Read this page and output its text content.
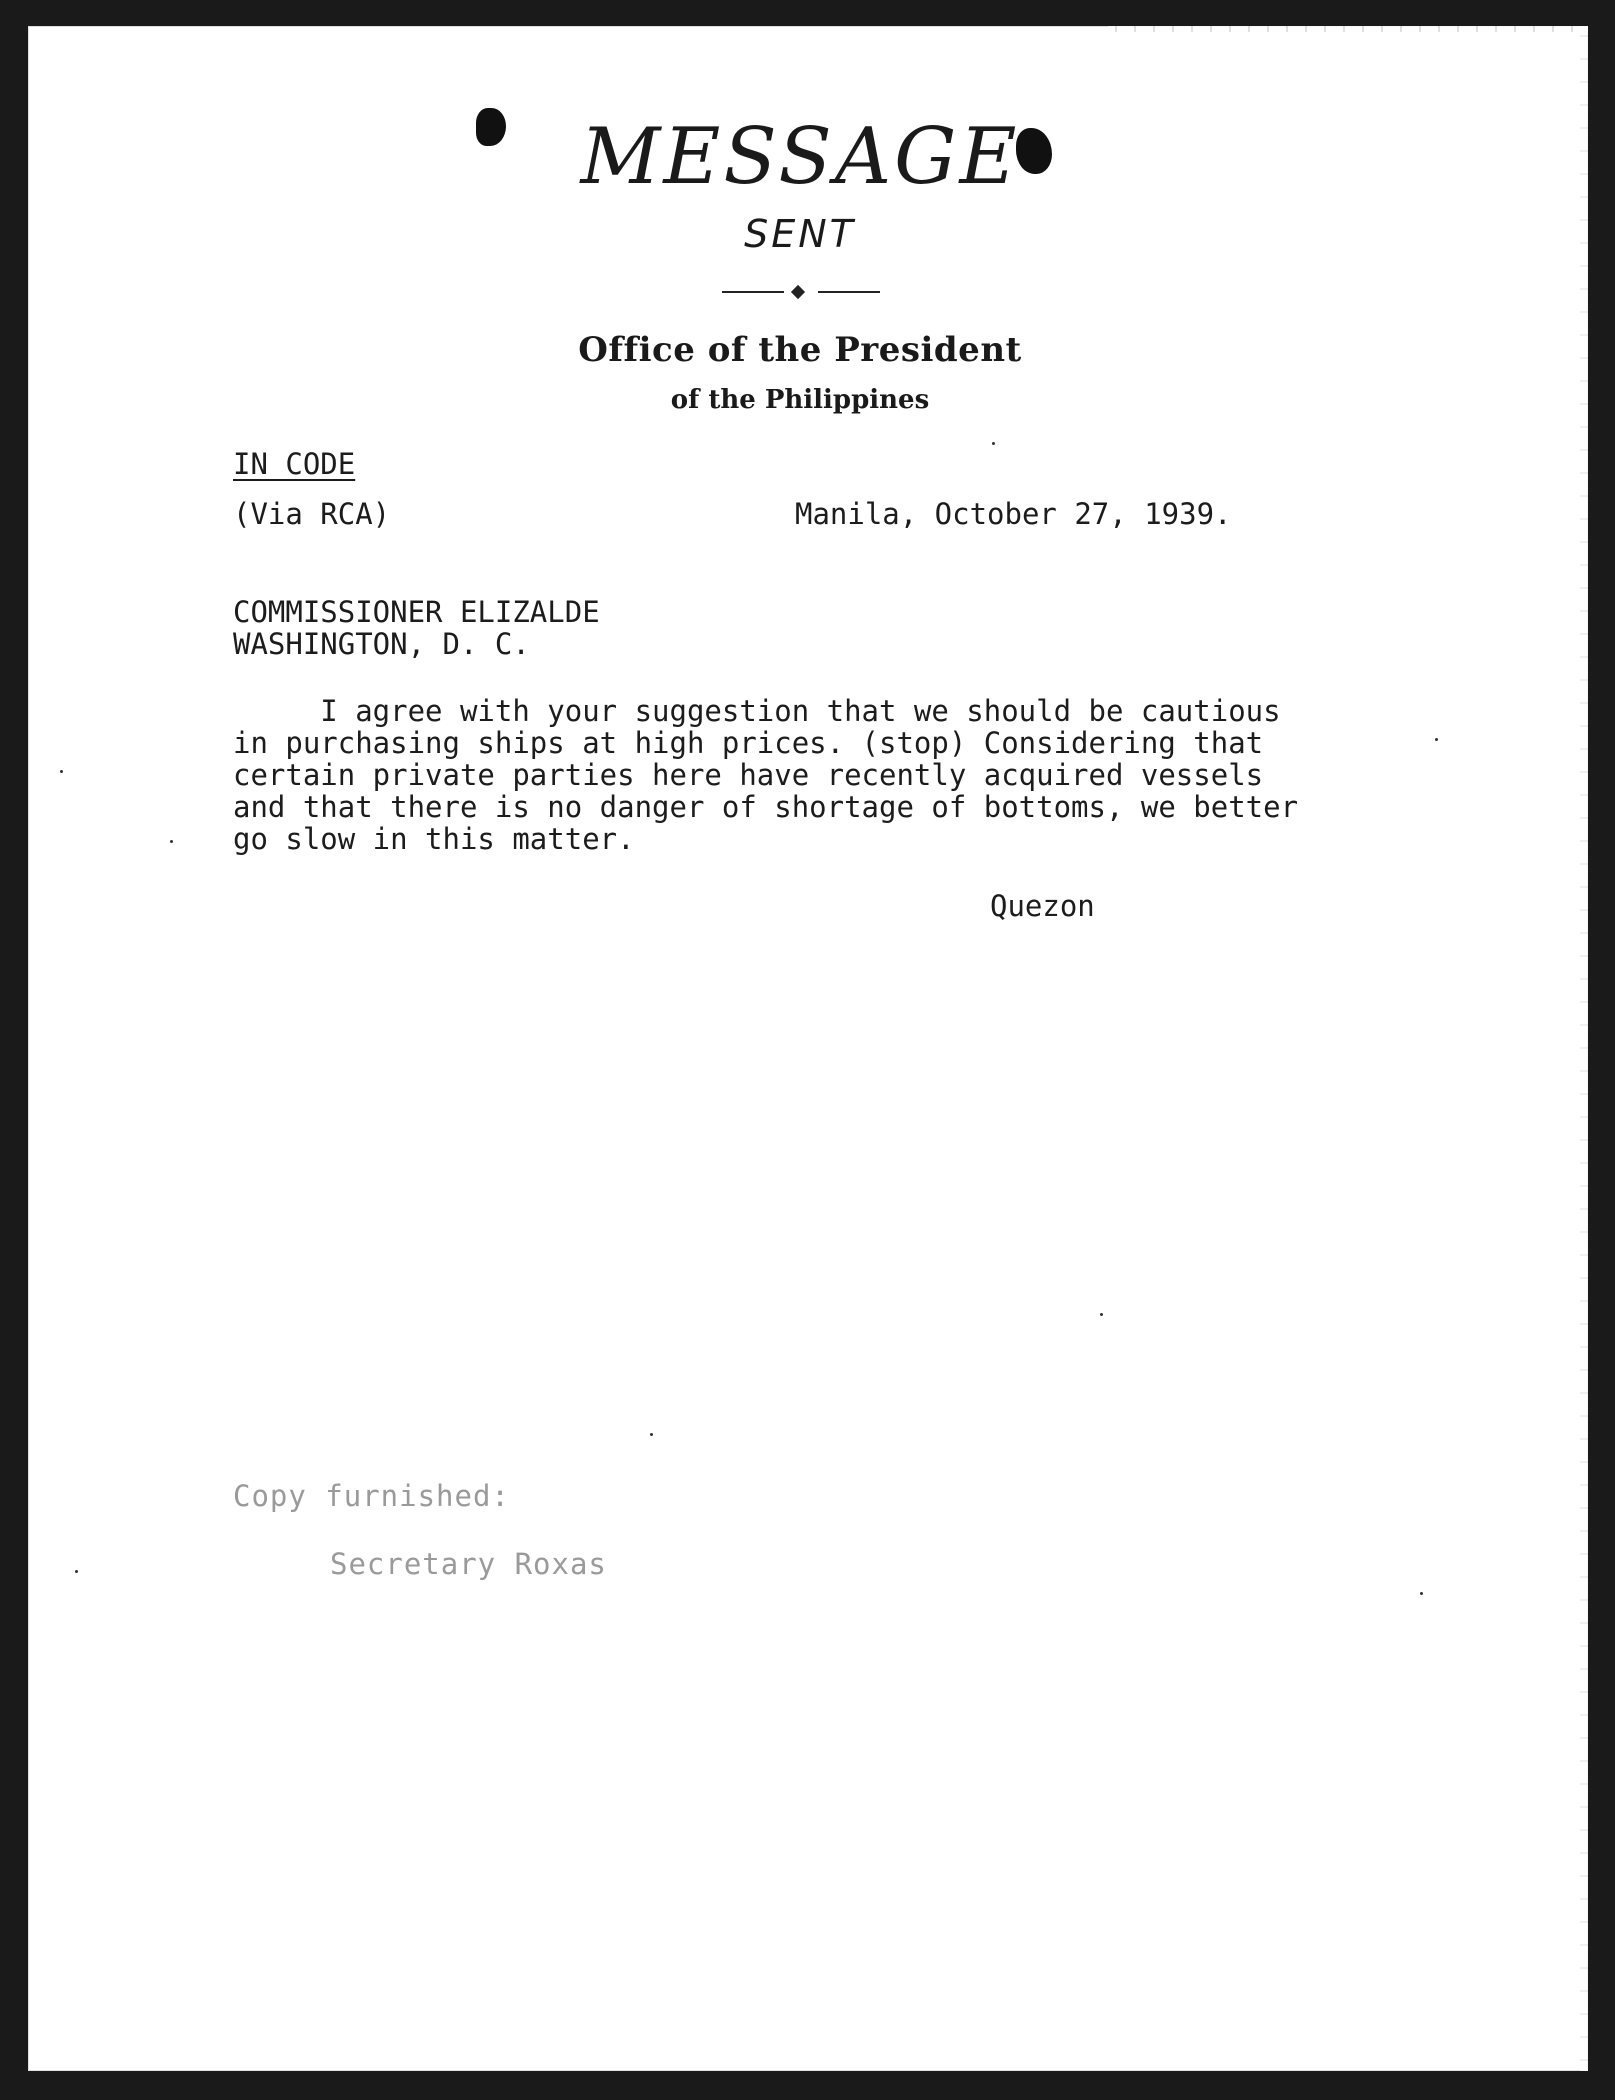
MESSAGE
SENT
Office of the President
of the Philippines
IN CODE
(Via RCA)	Manila, October 27, 1939.
COMMISSIONER ELIZALDE
WASHINGTON, D. C.
I agree with your suggestion that we should be cautious
in purchasing ships at high prices. (stop) Considering that
certain private parties here have recently acquired vessels
and that there is no danger of shortage of bottoms, we better
go slow in this matter.
Quezon
Copy furnished:
Secretary Roxas
